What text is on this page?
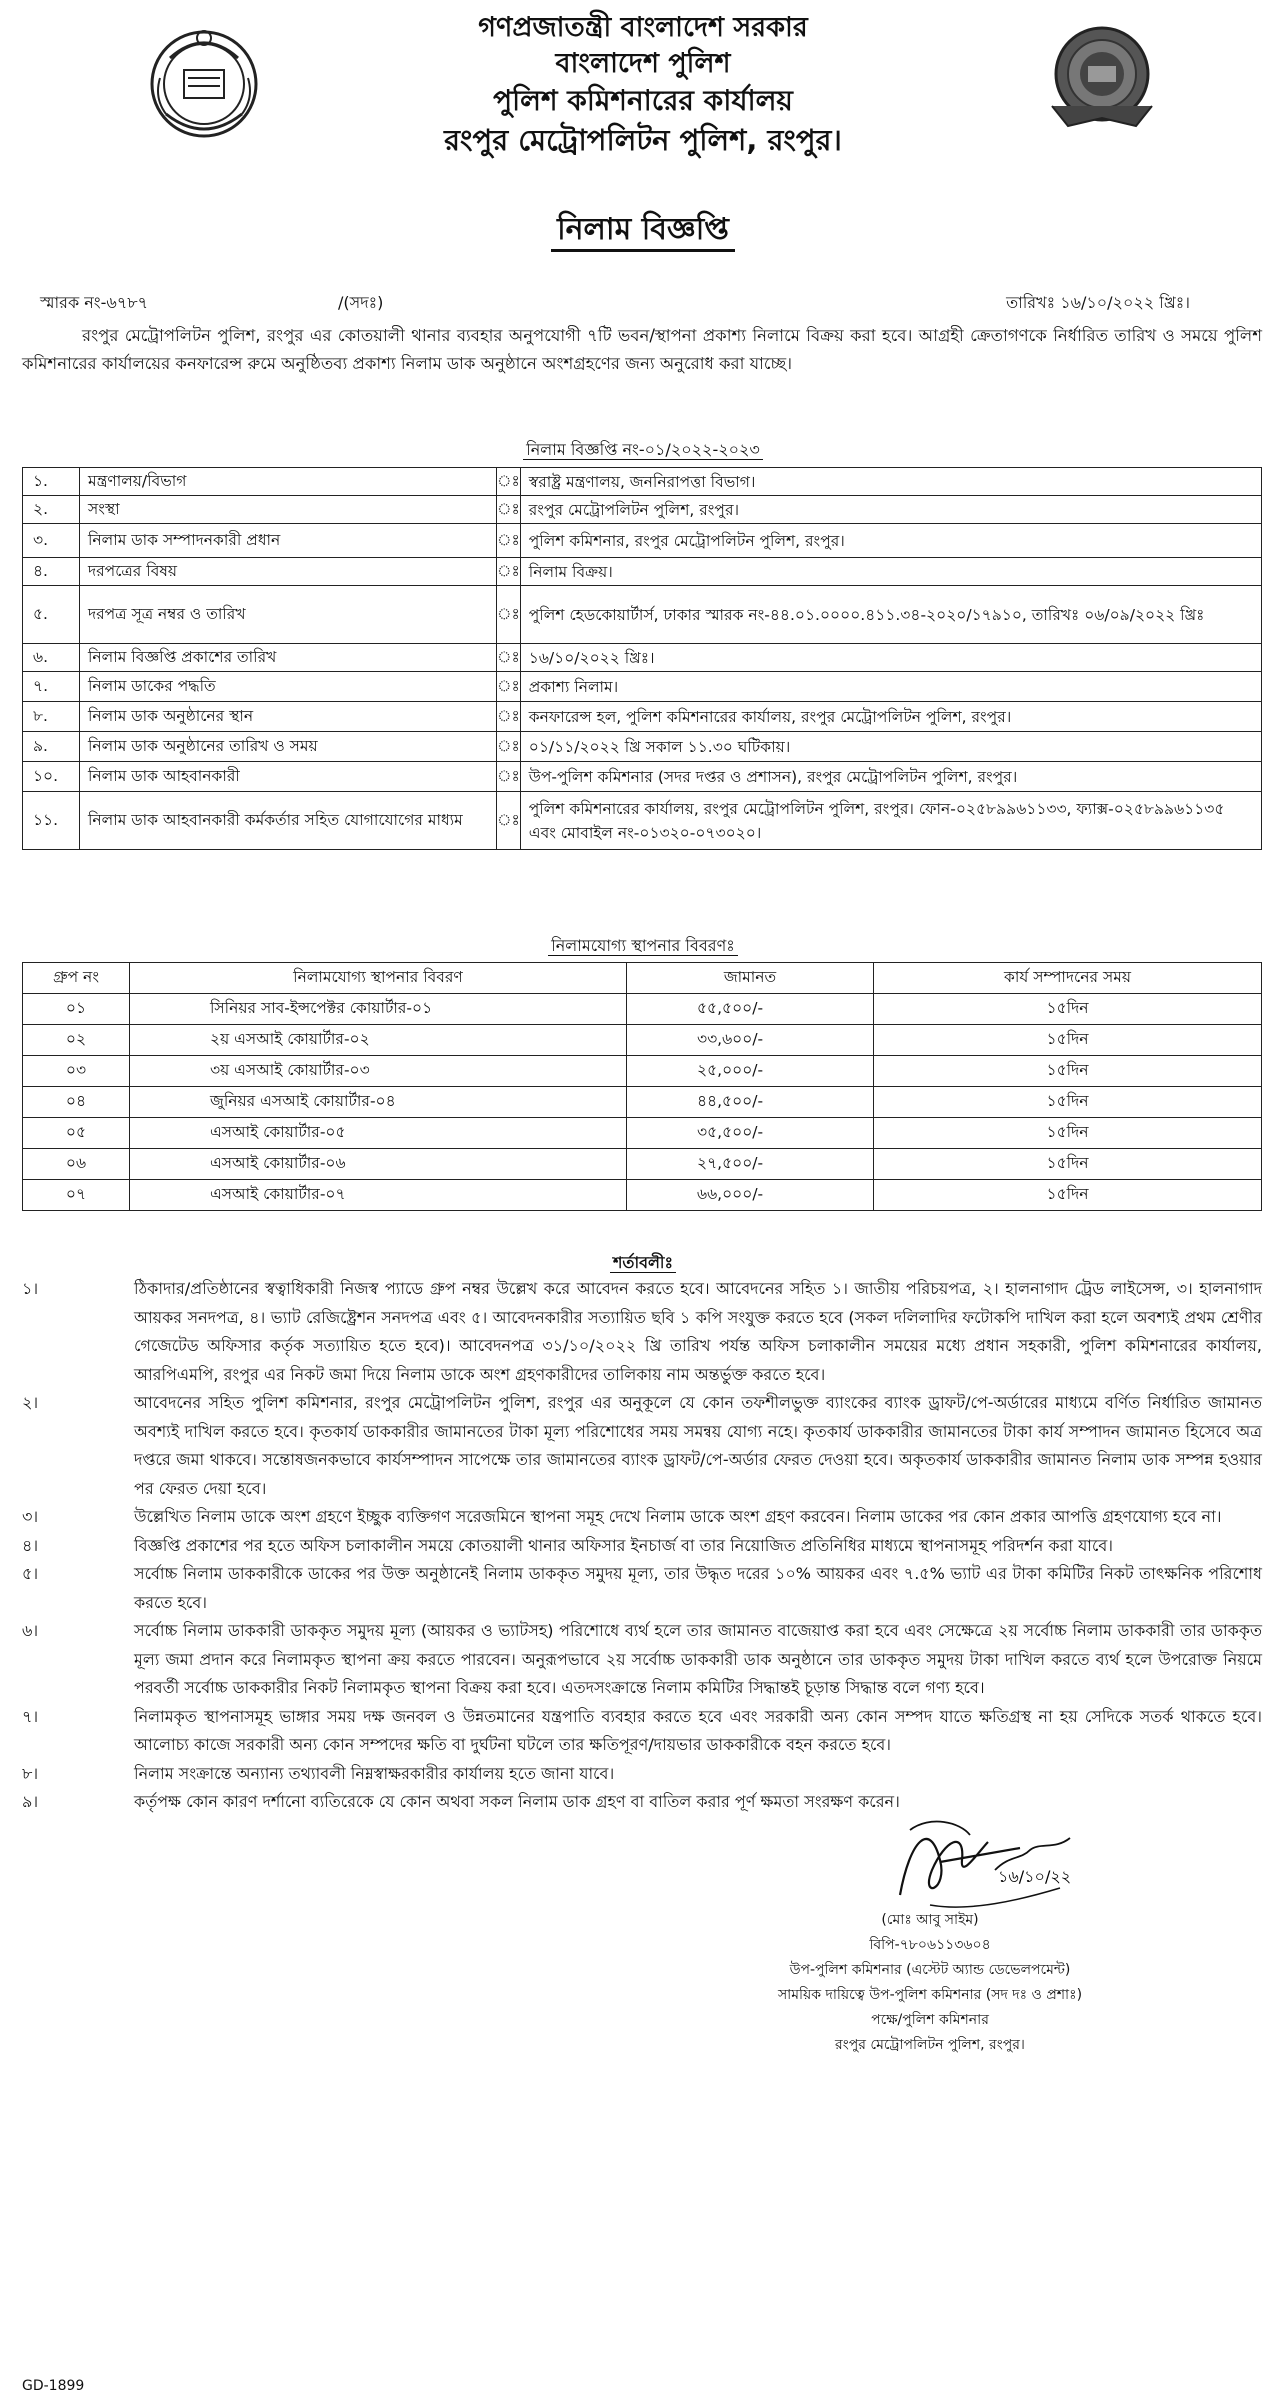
গণপ্রজাতন্ত্রী বাংলাদেশ সরকার
বাংলাদেশ পুলিশ
পুলিশ কমিশনারের কার্যালয়
রংপুর মেট্রোপলিটন পুলিশ, রংপুর।
নিলাম বিজ্ঞপ্তি
স্মারক নং-৬৭৮৭	/(সদঃ)	তারিখঃ ১৬/১০/২০২২ খ্রিঃ।
রংপুর মেট্রোপলিটন পুলিশ, রংপুর এর কোতয়ালী থানার ব্যবহার অনুপযোগী ৭টি ভবন/স্থাপনা প্রকাশ্য নিলামে বিক্রয় করা হবে। আগ্রহী ক্রেতাগণকে নির্ধারিত তারিখ ও সময়ে পুলিশ কমিশনারের কার্যালয়ের কনফারেন্স রুমে অনুষ্ঠিতব্য প্রকাশ্য নিলাম ডাক অনুষ্ঠানে অংশগ্রহণের জন্য অনুরোধ করা যাচ্ছে।
নিলাম বিজ্ঞপ্তি নং-০১/২০২২-২০২৩
১.	মন্ত্রণালয়/বিভাগ	ঃ	স্বরাষ্ট্র মন্ত্রণালয়, জননিরাপত্তা বিভাগ।
২.	সংস্থা	ঃ	রংপুর মেট্রোপলিটন পুলিশ, রংপুর।
৩.	নিলাম ডাক সম্পাদনকারী প্রধান	ঃ	পুলিশ কমিশনার, রংপুর মেট্রোপলিটন পুলিশ, রংপুর।
৪.	দরপত্রের বিষয়	ঃ	নিলাম বিক্রয়।
৫.	দরপত্র সূত্র নম্বর ও তারিখ	ঃ	পুলিশ হেডকোয়ার্টার্স, ঢাকার স্মারক নং-৪৪.০১.০০০০.৪১১.৩৪-২০২০/১৭৯১০, তারিখঃ ০৬/০৯/২০২২ খ্রিঃ
৬.	নিলাম বিজ্ঞপ্তি প্রকাশের তারিখ	ঃ	১৬/১০/২০২২ খ্রিঃ।
৭.	নিলাম ডাকের পদ্ধতি	ঃ	প্রকাশ্য নিলাম।
৮.	নিলাম ডাক অনুষ্ঠানের স্থান	ঃ	কনফারেন্স হল, পুলিশ কমিশনারের কার্যালয়, রংপুর মেট্রোপলিটন পুলিশ, রংপুর।
৯.	নিলাম ডাক অনুষ্ঠানের তারিখ ও সময়	ঃ	০১/১১/২০২২ খ্রি সকাল ১১.৩০ ঘটিকায়।
১০.	নিলাম ডাক আহবানকারী	ঃ	উপ-পুলিশ কমিশনার (সদর দপ্তর ও প্রশাসন), রংপুর মেট্রোপলিটন পুলিশ, রংপুর।
১১.	নিলাম ডাক আহবানকারী কর্মকর্তার সহিত যোগাযোগের মাধ্যম	ঃ	পুলিশ কমিশনারের কার্যালয়, রংপুর মেট্রোপলিটন পুলিশ, রংপুর। ফোন-০২৫৮৯৯৬১১৩৩, ফ্যাক্স-০২৫৮৯৯৬১১৩৫ এবং মোবাইল নং-০১৩২০-০৭৩০২০।
নিলামযোগ্য স্থাপনার বিবরণঃ
গ্রুপ নং	নিলামযোগ্য স্থাপনার বিবরণ	জামানত	কার্য সম্পাদনের সময়
০১	সিনিয়র সাব-ইন্সপেক্টর কোয়ার্টার-০১	৫৫,৫০০/-	১৫দিন
০২	২য় এসআই কোয়ার্টার-০২	৩৩,৬০০/-	১৫দিন
০৩	৩য় এসআই কোয়ার্টার-০৩	২৫,০০০/-	১৫দিন
০৪	জুনিয়র এসআই কোয়ার্টার-০৪	৪৪,৫০০/-	১৫দিন
০৫	এসআই কোয়ার্টার-০৫	৩৫,৫০০/-	১৫দিন
০৬	এসআই কোয়ার্টার-০৬	২৭,৫০০/-	১৫দিন
০৭	এসআই কোয়ার্টার-০৭	৬৬,০০০/-	১৫দিন
শর্তাবলীঃ
১।	ঠিকাদার/প্রতিষ্ঠানের স্বত্বাধিকারী নিজস্ব প্যাডে গ্রুপ নম্বর উল্লেখ করে আবেদন করতে হবে। আবেদনের সহিত ১। জাতীয় পরিচয়পত্র, ২। হালনাগাদ ট্রেড লাইসেন্স, ৩। হালনাগাদ আয়কর সনদপত্র, ৪। ভ্যাট রেজিষ্ট্রেশন সনদপত্র এবং ৫। আবেদনকারীর সত্যায়িত ছবি ১ কপি সংযুক্ত করতে হবে (সকল দলিলাদির ফটোকপি দাখিল করা হলে অবশ্যই প্রথম শ্রেণীর গেজেটেড অফিসার কর্তৃক সত্যায়িত হতে হবে)। আবেদনপত্র ৩১/১০/২০২২ খ্রি তারিখ পর্যন্ত অফিস চলাকালীন সময়ের মধ্যে প্রধান সহকারী, পুলিশ কমিশনারের কার্যালয়, আরপিএমপি, রংপুর এর নিকট জমা দিয়ে নিলাম ডাকে অংশ গ্রহণকারীদের তালিকায় নাম অন্তর্ভুক্ত করতে হবে।
২।	আবেদনের সহিত পুলিশ কমিশনার, রংপুর মেট্রোপলিটন পুলিশ, রংপুর এর অনুকূলে যে কোন তফশীলভুক্ত ব্যাংকের ব্যাংক ড্রাফট/পে-অর্ডারের মাধ্যমে বর্ণিত নির্ধারিত জামানত অবশ্যই দাখিল করতে হবে। কৃতকার্য ডাককারীর জামানতের টাকা মূল্য পরিশোধের সময় সমন্বয় যোগ্য নহে। কৃতকার্য ডাককারীর জামানতের টাকা কার্য সম্পাদন জামানত হিসেবে অত্র দপ্তরে জমা থাকবে। সন্তোষজনকভাবে কার্যসম্পাদন সাপেক্ষে তার জামানতের ব্যাংক ড্রাফট/পে-অর্ডার ফেরত দেওয়া হবে। অকৃতকার্য ডাককারীর জামানত নিলাম ডাক সম্পন্ন হওয়ার পর ফেরত দেয়া হবে।
৩।	উল্লেখিত নিলাম ডাকে অংশ গ্রহণে ইচ্ছুক ব্যক্তিগণ সরেজমিনে স্থাপনা সমূহ দেখে নিলাম ডাকে অংশ গ্রহণ করবেন। নিলাম ডাকের পর কোন প্রকার আপত্তি গ্রহণযোগ্য হবে না।
৪।	বিজ্ঞপ্তি প্রকাশের পর হতে অফিস চলাকালীন সময়ে কোতয়ালী থানার অফিসার ইনচার্জ বা তার নিয়োজিত প্রতিনিধির মাধ্যমে স্থাপনাসমূহ পরিদর্শন করা যাবে।
৫।	সর্বোচ্চ নিলাম ডাককারীকে ডাকের পর উক্ত অনুষ্ঠানেই নিলাম ডাককৃত সমুদয় মূল্য, তার উদ্ধৃত দরের ১০% আয়কর এবং ৭.৫% ভ্যাট এর টাকা কমিটির নিকট তাৎক্ষনিক পরিশোধ করতে হবে।
৬।	সর্বোচ্চ নিলাম ডাককারী ডাককৃত সমুদয় মূল্য (আয়কর ও ভ্যাটসহ) পরিশোধে ব্যর্থ হলে তার জামানত বাজেয়াপ্ত করা হবে এবং সেক্ষেত্রে ২য় সর্বোচ্চ নিলাম ডাককারী তার ডাককৃত মূল্য জমা প্রদান করে নিলামকৃত স্থাপনা ক্রয় করতে পারবেন। অনুরূপভাবে ২য় সর্বোচ্চ ডাককারী ডাক অনুষ্ঠানে তার ডাককৃত সমুদয় টাকা দাখিল করতে ব্যর্থ হলে উপরোক্ত নিয়মে পরবর্তী সর্বোচ্চ ডাককারীর নিকট নিলামকৃত স্থাপনা বিক্রয় করা হবে। এতদসংক্রান্তে নিলাম কমিটির সিদ্ধান্তই চূড়ান্ত সিদ্ধান্ত বলে গণ্য হবে।
৭।	নিলামকৃত স্থাপনাসমূহ ভাঙ্গার সময় দক্ষ জনবল ও উন্নতমানের যন্ত্রপাতি ব্যবহার করতে হবে এবং সরকারী অন্য কোন সম্পদ যাতে ক্ষতিগ্রস্থ না হয় সেদিকে সতর্ক থাকতে হবে। আলোচ্য কাজে সরকারী অন্য কোন সম্পদের ক্ষতি বা দুর্ঘটনা ঘটলে তার ক্ষতিপূরণ/দায়ভার ডাককারীকে বহন করতে হবে।
৮।	নিলাম সংক্রান্তে অন্যান্য তথ্যাবলী নিম্নস্বাক্ষরকারীর কার্যালয় হতে জানা যাবে।
৯।	কর্তৃপক্ষ কোন কারণ দর্শানো ব্যতিরেকে যে কোন অথবা সকল নিলাম ডাক গ্রহণ বা বাতিল করার পূর্ণ ক্ষমতা সংরক্ষণ করেন।
১৬/১০/২২
(মোঃ আবু সাইম)
বিপি-৭৮০৬১১৩৬০৪
উপ-পুলিশ কমিশনার (এস্টেট অ্যান্ড ডেভেলপমেন্ট)
সাময়িক দায়িত্বে উপ-পুলিশ কমিশনার (সদ দঃ ও প্রশাঃ)
পক্ষে/পুলিশ কমিশনার
রংপুর মেট্রোপলিটন পুলিশ, রংপুর।
GD-1899
